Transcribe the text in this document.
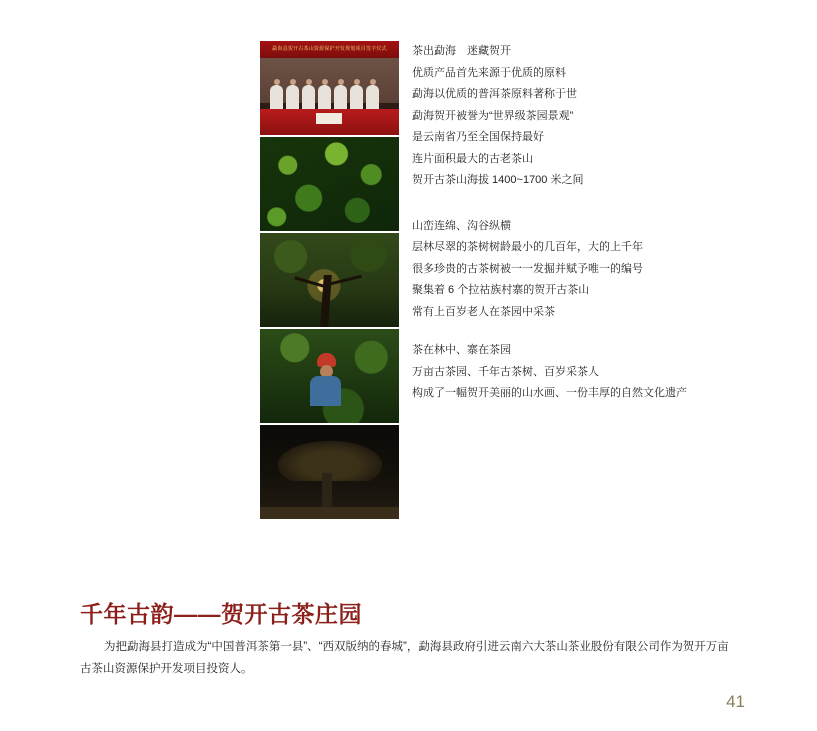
勐海县贺开古茶山资源保护开发规划项目签字仪式	茶出勐海　迷藏贺开

优质产品首先来源于优质的原料

勐海以优质的普洱茶原料著称于世

勐海贺开被誉为“世界级茶园景观”

是云南省乃至全国保持最好

连片面积最大的古老茶山

贺开古茶山海拔 1400~1700 米之间

山峦连绵、沟谷纵横

层林尽翠的茶树树龄最小的几百年，大的上千年

很多珍贵的古茶树被一一发掘并赋予唯一的编号

聚集着 6 个拉祜族村寨的贺开古茶山

常有上百岁老人在茶园中采茶

茶在林中、寨在茶园

万亩古茶园、千年古茶树、百岁采茶人

构成了一幅贺开美丽的山水画、一份丰厚的自然文化遗产

千年古韵——贺开古茶庄园

为把勐海县打造成为“中国普洱茶第一县”、“西双版纳的春城”，勐海县政府引进云南六大茶山茶业股份有限公司作为贺开万亩古茶山资源保护开发项目投资人。

41
